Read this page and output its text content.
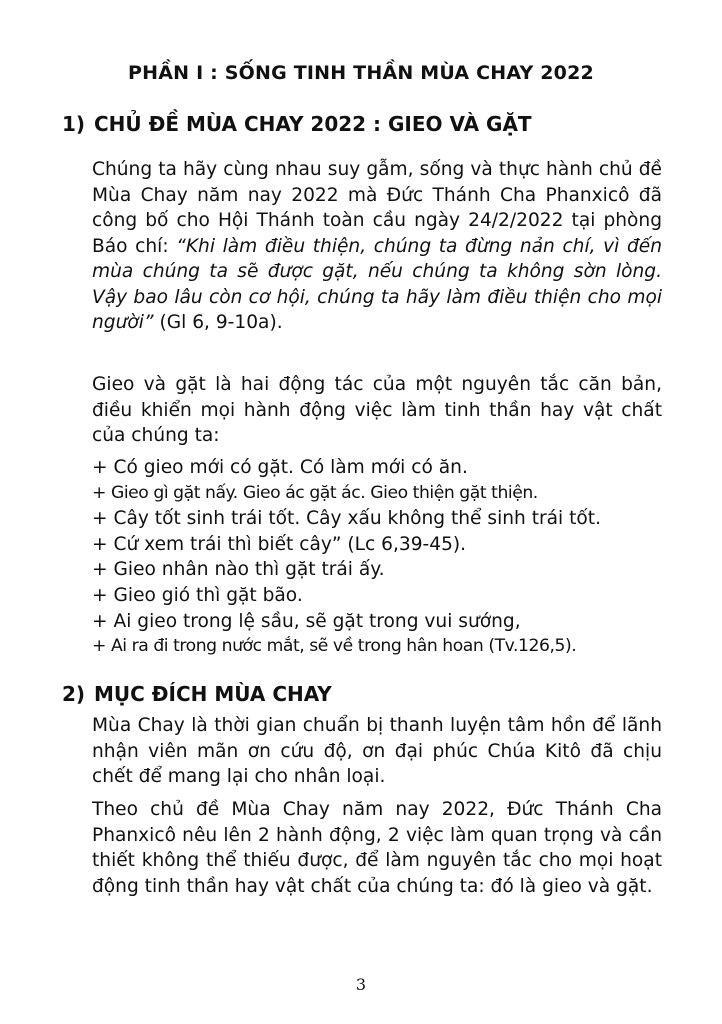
PHẦN I : SỐNG TINH THẦN MÙA CHAY 2022
1) CHỦ ĐỀ MÙA CHAY 2022 : GIEO VÀ GẶT

Chúng ta hãy cùng nhau suy gẫm, sống và thực hành chủ đề Mùa Chay năm nay 2022 mà Đức Thánh Cha Phanxicô đã công bố cho Hội Thánh toàn cầu ngày 24/2/2022 tại phòng Báo chí: “Khi làm điều thiện, chúng ta đừng nản chí, vì đến mùa chúng ta sẽ được gặt, nếu chúng ta không sờn lòng. Vậy bao lâu còn cơ hội, chúng ta hãy làm điều thiện cho mọi người” (Gl 6, 9-10a).

Gieo và gặt là hai động tác của một nguyên tắc căn bản, điều khiển mọi hành động việc làm tinh thần hay vật chất của chúng ta:

+ Có gieo mới có gặt. Có làm mới có ăn.
+ Gieo gì gặt nấy. Gieo ác gặt ác. Gieo thiện gặt thiện.
+ Cây tốt sinh trái tốt. Cây xấu không thể sinh trái tốt.
+ Cứ xem trái thì biết cây” (Lc 6,39-45).
+ Gieo nhân nào thì gặt trái ấy.
+ Gieo gió thì gặt bão.
+ Ai gieo trong lệ sầu, sẽ gặt trong vui sướng,
+ Ai ra đi trong nước mắt, sẽ về trong hân hoan (Tv.126,5).
2) MỤC ĐÍCH MÙA CHAY

Mùa Chay là thời gian chuẩn bị thanh luyện tâm hồn để lãnh nhận viên mãn ơn cứu độ, ơn đại phúc Chúa Kitô đã chịu chết để mang lại cho nhân loại.

Theo chủ đề Mùa Chay năm nay 2022, Đức Thánh Cha Phanxicô nêu lên 2 hành động, 2 việc làm quan trọng và cần thiết không thể thiếu được, để làm nguyên tắc cho mọi hoạt động tinh thần hay vật chất của chúng ta: đó là gieo và gặt.

3
